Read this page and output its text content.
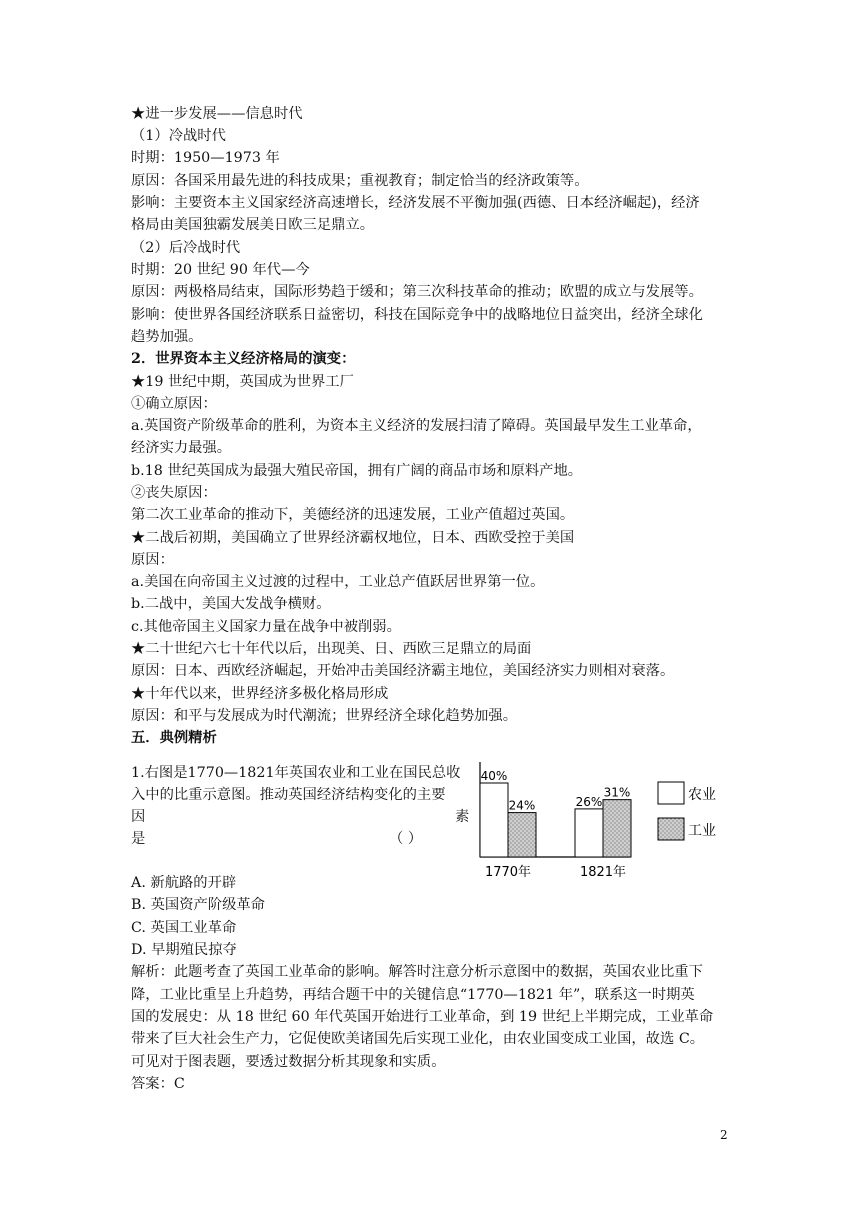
★进一步发展——信息时代
（1）冷战时代
时期：1950—1973 年
原因：各国采用最先进的科技成果；重视教育；制定恰当的经济政策等。
影响：主要资本主义国家经济高速增长，经济发展不平衡加强(西德、日本经济崛起)，经济
格局由美国独霸发展美日欧三足鼎立。
（2）后冷战时代
时期：20 世纪 90 年代—今
原因：两极格局结束，国际形势趋于缓和；第三次科技革命的推动；欧盟的成立与发展等。
影响：使世界各国经济联系日益密切，科技在国际竞争中的战略地位日益突出，经济全球化
趋势加强。
2．世界资本主义经济格局的演变：
★19 世纪中期，英国成为世界工厂
①确立原因：
a.英国资产阶级革命的胜利，为资本主义经济的发展扫清了障碍。英国最早发生工业革命，
经济实力最强。
b.18 世纪英国成为最强大殖民帝国，拥有广阔的商品市场和原料产地。
②丧失原因：
第二次工业革命的推动下，美德经济的迅速发展，工业产值超过英国。
★二战后初期，美国确立了世界经济霸权地位，日本、西欧受控于美国
原因：
a.美国在向帝国主义过渡的过程中，工业总产值跃居世界第一位。
b.二战中，美国大发战争横财。
c.其他帝国主义国家力量在战争中被削弱。
★二十世纪六七十年代以后，出现美、日、西欧三足鼎立的局面
原因：日本、西欧经济崛起，开始冲击美国经济霸主地位，美国经济实力则相对衰落。
★十年代以来，世界经济多极化格局形成
原因：和平与发展成为时代潮流；世界经济全球化趋势加强。
五．典例精析
1.右图是1770—1821年英国农业和工业在国民总收
入中的比重示意图。推动英国经济结构变化的主要
因	素
是	（ ）
A. 新航路的开辟
B. 英国资产阶级革命
C. 英国工业革命
D. 早期殖民掠夺
解析：此题考查了英国工业革命的影响。解答时注意分析示意图中的数据，英国农业比重下
降，工业比重呈上升趋势，再结合题干中的关键信息“1770—1821 年”，联系这一时期英
国的发展史：从 18 世纪 60 年代英国开始进行工业革命，到 19 世纪上半期完成，工业革命
带来了巨大社会生产力，它促使欧美诸国先后实现工业化，由农业国变成工业国，故选 C。
可见对于图表题，要透过数据分析其现象和实质。
答案：C
40%
24%
1770年
26%
31%
1821年
农业
工业
2
